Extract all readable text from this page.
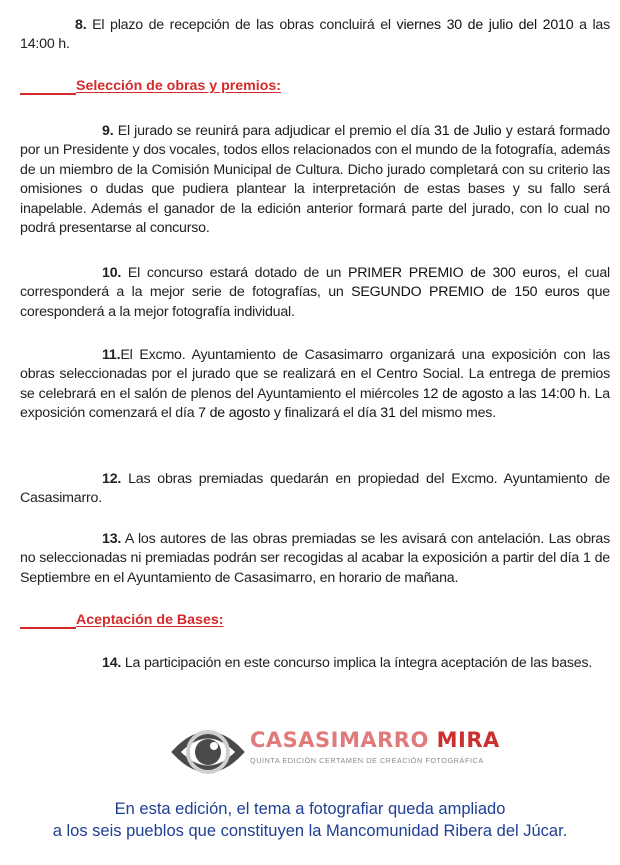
8. El plazo de recepción de las obras concluirá el viernes 30 de julio del 2010 a las 14:00 h.
Selección de obras y premios:
9. El jurado se reunirá para adjudicar el premio el día 31 de Julio y estará formado por un Presidente y dos vocales, todos ellos relacionados con el mundo de la fotografía, además de un miembro de la Comisión Municipal de Cultura. Dicho jurado completará con su criterio las omisiones o dudas que pudiera plantear la interpretación de estas bases y su fallo será inapelable. Además el ganador de la edición anterior formará parte del jurado, con lo cual no podrá presentarse al concurso.
10. El concurso estará dotado de un PRIMER PREMIO de 300 euros, el cual corresponderá a la mejor serie de fotografías, un SEGUNDO PREMIO de 150 euros que coresponderá a la mejor fotografía individual.
11.El Excmo. Ayuntamiento de Casasimarro organizará una exposición con las obras seleccionadas por el jurado que se realizará en el Centro Social. La entrega de premios se celebrará en el salón de plenos del Ayuntamiento el miércoles 12 de agosto a las 14:00 h. La exposición comenzará el día 7 de agosto y finalizará el día 31 del mismo mes.
12. Las obras premiadas quedarán en propiedad del Excmo. Ayuntamiento de Casasimarro.
13. A los autores de las obras premiadas se les avisará con antelación. Las obras no seleccionadas ni premiadas podrán ser recogidas al acabar la exposición a partir del día 1 de Septiembre en el Ayuntamiento de Casasimarro, en horario de mañana.
Aceptación de Bases:
14. La participación en este concurso implica la íntegra aceptación de las bases.
CASASIMARRO MIRA
QUINTA EDICIÓN CERTAMEN DE CREACIÓN FOTOGRÁFICA
En esta edición, el tema a fotografiar queda ampliado
a los seis pueblos que constituyen la Mancomunidad Ribera del Júcar.
